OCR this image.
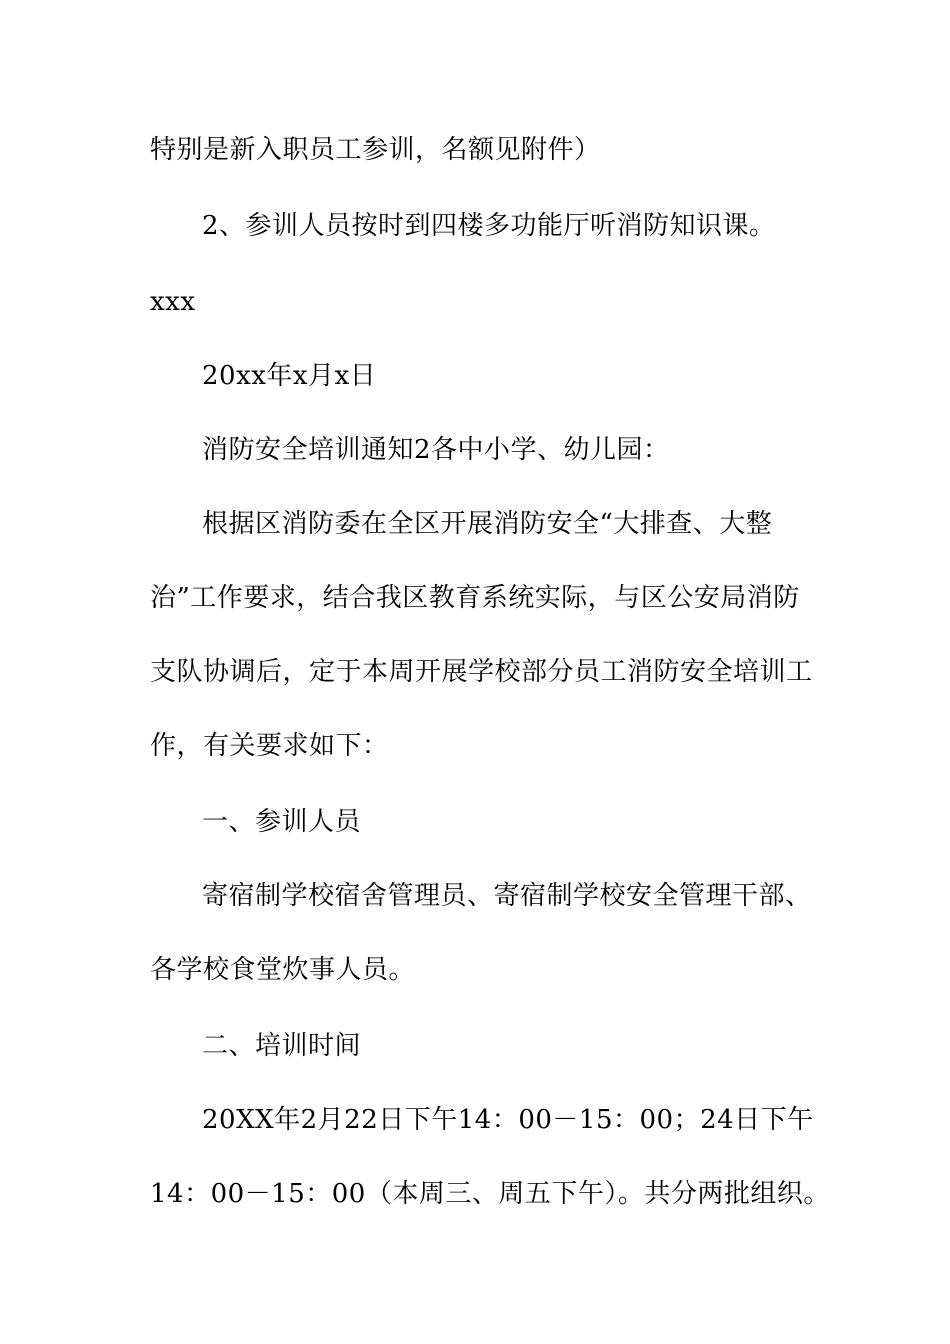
特别是新入职员工参训，名额见附件）
2、参训人员按时到四楼多功能厅听消防知识课。
xxx
20xx年x月x日
消防安全培训通知2各中小学、幼儿园：
根据区消防委在全区开展消防安全“大排查、大整
治”工作要求，结合我区教育系统实际，与区公安局消防
支队协调后，定于本周开展学校部分员工消防安全培训工
作，有关要求如下：
一、参训人员
寄宿制学校宿舍管理员、寄宿制学校安全管理干部、
各学校食堂炊事人员。
二、培训时间
20XX年2月22日下午14：00－15：00；24日下午
14：00－15：00（本周三、周五下午）。共分两批组织。
